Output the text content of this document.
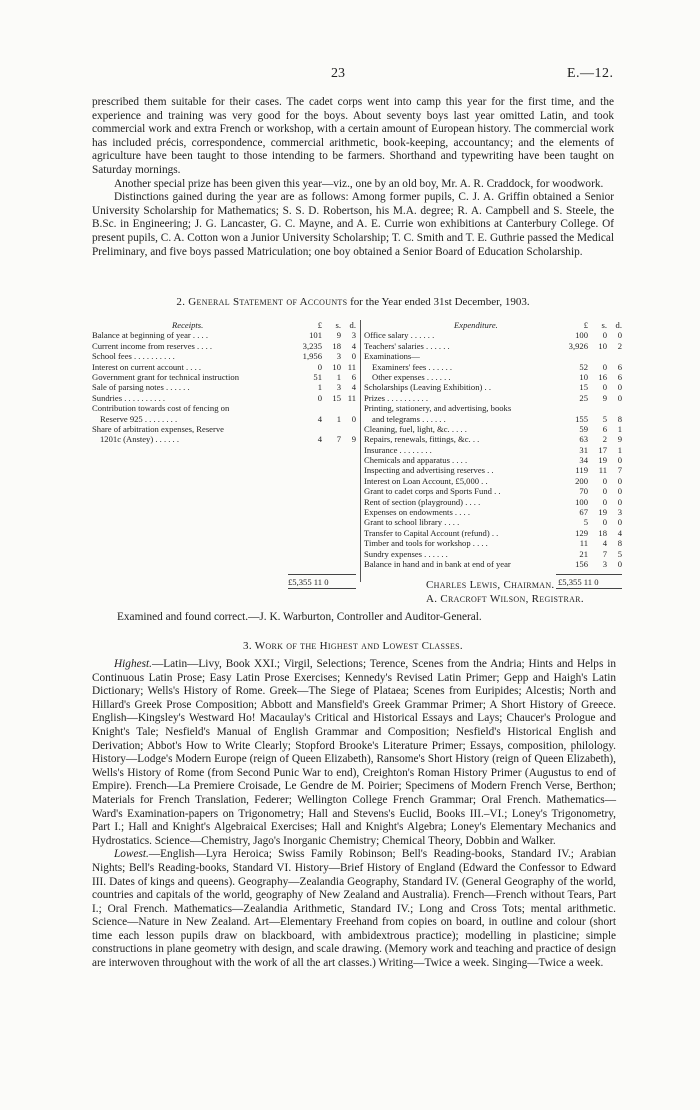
23	E.—12.

prescribed them suitable for their cases. The cadet corps went into camp this year for the first time, and the experience and training was very good for the boys. About seventy boys last year omitted Latin, and took commercial work and extra French or workshop, with a certain amount of European history. The commercial work has included précis, correspondence, commercial arithmetic, book-keeping, accountancy; and the elements of agriculture have been taught to those intending to be farmers. Shorthand and typewriting have been taught on Saturday mornings.

Another special prize has been given this year—viz., one by an old boy, Mr. A. R. Craddock, for woodwork.

Distinctions gained during the year are as follows: Among former pupils, C. J. A. Griffin obtained a Senior University Scholarship for Mathematics; S. S. D. Robertson, his M.A. degree; R. A. Campbell and S. Steele, the B.Sc. in Engineering; J. G. Lancaster, G. C. Mayne, and A. E. Currie won exhibitions at Canterbury College. Of present pupils, C. A. Cotton won a Junior University Scholarship; T. C. Smith and T. E. Guthrie passed the Medical Preliminary, and five boys passed Matriculation; one boy obtained a Senior Board of Education Scholarship.

2. General Statement of Accounts for the Year ended 31st December, 1903.
Receipts.	£	s. d.
Balance at beginning of year . . . .	101	9	3
Current income from reserves . . . .	3,235	18	4
School fees . . . . . . . . . .	1,956	3	0
Interest on current account . . . .	0	10 11
Government grant for technical instruction	51	1	6
Sale of parsing notes . . . . . .	1	3	4
Sundries . . . . . . . . . .	0	15 11
Contribution towards cost of fencing on
Reserve 925 . . . . . . . .	4	1	0
Share of arbitration expenses, Reserve
1201c (Anstey) . . . . . .	4	7	9
Expenditure.	£	s. d.
Office salary . . . . . .	100	0	0
Teachers' salaries . . . . . .	3,926	10	2
Examinations—
Examiners' fees . . . . . .	52	0	6
Other expenses . . . . . .	10	16	6
Scholarships (Leaving Exhibition) . .	15	0	0
Prizes . . . . . . . . . .	25	9	0
Printing, stationery, and advertising, books
and telegrams . . . . . .	155	5	8
Cleaning, fuel, light, &c. . . . .	59	6	1
Repairs, renewals, fittings, &c. . .	63	2	9
Insurance . . . . . . . .	31	17	1
Chemicals and apparatus . . . .	34	19	0
Inspecting and advertising reserves . .	119	11	7
Interest on Loan Account, £5,000 . .	200	0	0
Grant to cadet corps and Sports Fund . .	70	0	0
Rent of section (playground) . . . .	100	0	0
Expenses on endowments . . . .	67	19	3
Grant to school library . . . .	5	0	0
Transfer to Capital Account (refund) . .	129	18	4
Timber and tools for workshop . . . .	11	4	8
Sundry expenses . . . . . .	21	7	5
Balance in hand and in bank at end of year	156	3	0
£5,355 11 0	£5,355 11 0
Charles Lewis, Chairman.
A. Cracroft Wilson, Registrar.
Examined and found correct.—J. K. Warburton, Controller and Auditor-General.
3. Work of the Highest and Lowest Classes.

Highest.—Latin—Livy, Book XXI.; Virgil, Selections; Terence, Scenes from the Andria; Hints and Helps in Continuous Latin Prose; Easy Latin Prose Exercises; Kennedy's Revised Latin Primer; Gepp and Haigh's Latin Dictionary; Wells's History of Rome. Greek—The Siege of Plataea; Scenes from Euripides; Alcestis; North and Hillard's Greek Prose Composition; Abbott and Mansfield's Greek Grammar Primer; A Short History of Greece. English—Kingsley's Westward Ho! Macaulay's Critical and Historical Essays and Lays; Chaucer's Prologue and Knight's Tale; Nesfield's Manual of English Grammar and Composition; Nesfield's Historical English and Derivation; Abbot's How to Write Clearly; Stopford Brooke's Literature Primer; Essays, composition, philology. History—Lodge's Modern Europe (reign of Queen Elizabeth), Ransome's Short History (reign of Queen Elizabeth), Wells's History of Rome (from Second Punic War to end), Creighton's Roman History Primer (Augustus to end of Empire). French—La Premiere Croisade, Le Gendre de M. Poirier; Specimens of Modern French Verse, Berthon; Materials for French Translation, Federer; Wellington College French Grammar; Oral French. Mathematics—Ward's Examination-papers on Trigonometry; Hall and Stevens's Euclid, Books III.–VI.; Loney's Trigonometry, Part I.; Hall and Knight's Algebraical Exercises; Hall and Knight's Algebra; Loney's Elementary Mechanics and Hydrostatics. Science—Chemistry, Jago's Inorganic Chemistry; Chemical Theory, Dobbin and Walker.

Lowest.—English—Lyra Heroica; Swiss Family Robinson; Bell's Reading-books, Standard IV.; Arabian Nights; Bell's Reading-books, Standard VI. History—Brief History of England (Edward the Confessor to Edward III. Dates of kings and queens). Geography—Zealandia Geography, Standard IV. (General Geography of the world, countries and capitals of the world, geography of New Zealand and Australia). French—French without Tears, Part I.; Oral French. Mathematics—Zealandia Arithmetic, Standard IV.; Long and Cross Tots; mental arithmetic. Science—Nature in New Zealand. Art—Elementary Freehand from copies on board, in outline and colour (short time each lesson pupils draw on blackboard, with ambidextrous practice); modelling in plasticine; simple constructions in plane geometry with design, and scale drawing. (Memory work and teaching and practice of design are interwoven throughout with the work of all the art classes.) Writing—Twice a week. Singing—Twice a week.
